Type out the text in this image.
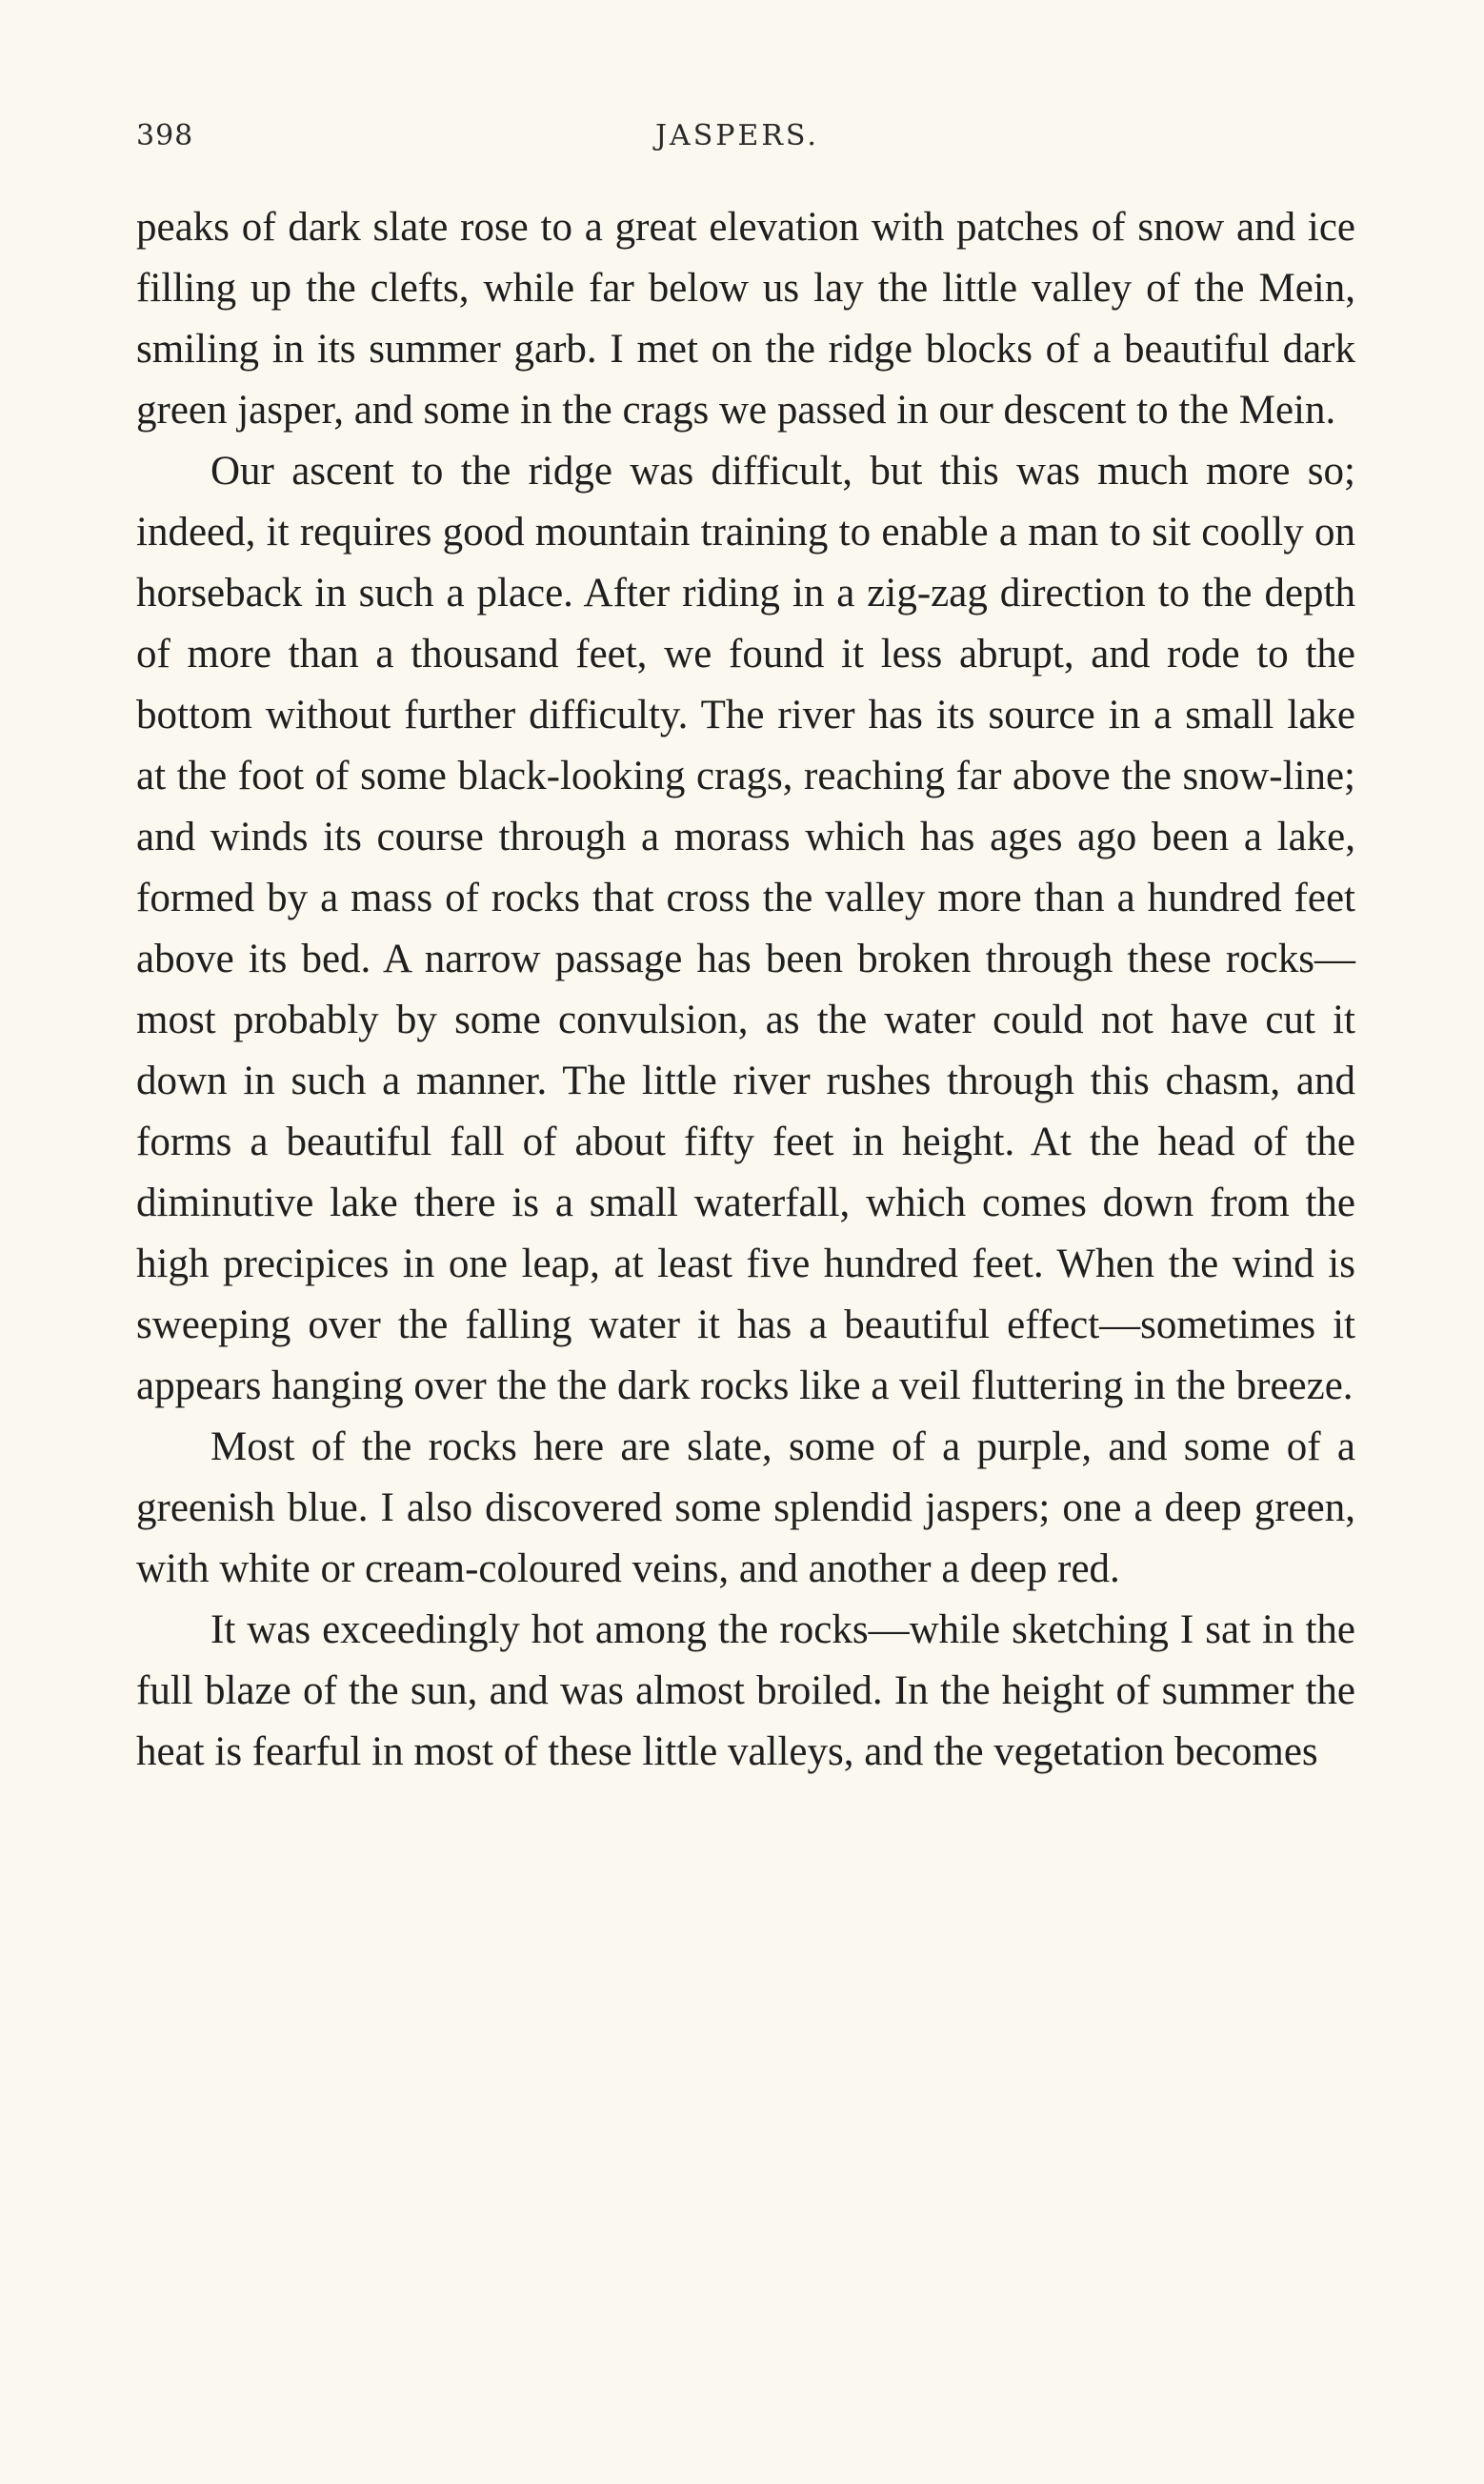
398	JASPERS.

peaks of dark slate rose to a great elevation with patches of snow and ice filling up the clefts, while far below us lay the little valley of the Mein, smiling in its summer garb. I met on the ridge blocks of a beautiful dark green jasper, and some in the crags we passed in our descent to the Mein.

Our ascent to the ridge was difficult, but this was much more so; indeed, it requires good mountain training to enable a man to sit coolly on horseback in such a place. After riding in a zig-zag direction to the depth of more than a thousand feet, we found it less abrupt, and rode to the bottom without further difficulty. The river has its source in a small lake at the foot of some black-looking crags, reaching far above the snow-line; and winds its course through a morass which has ages ago been a lake, formed by a mass of rocks that cross the valley more than a hundred feet above its bed. A narrow passage has been broken through these rocks—most probably by some convulsion, as the water could not have cut it down in such a manner. The little river rushes through this chasm, and forms a beautiful fall of about fifty feet in height. At the head of the diminutive lake there is a small waterfall, which comes down from the high precipices in one leap, at least five hundred feet. When the wind is sweeping over the falling water it has a beautiful effect—sometimes it appears hanging over the the dark rocks like a veil fluttering in the breeze.

Most of the rocks here are slate, some of a purple, and some of a greenish blue. I also discovered some splendid jaspers; one a deep green, with white or cream-coloured veins, and another a deep red.

It was exceedingly hot among the rocks—while sketching I sat in the full blaze of the sun, and was almost broiled. In the height of summer the heat is fearful in most of these little valleys, and the vegetation becomes
